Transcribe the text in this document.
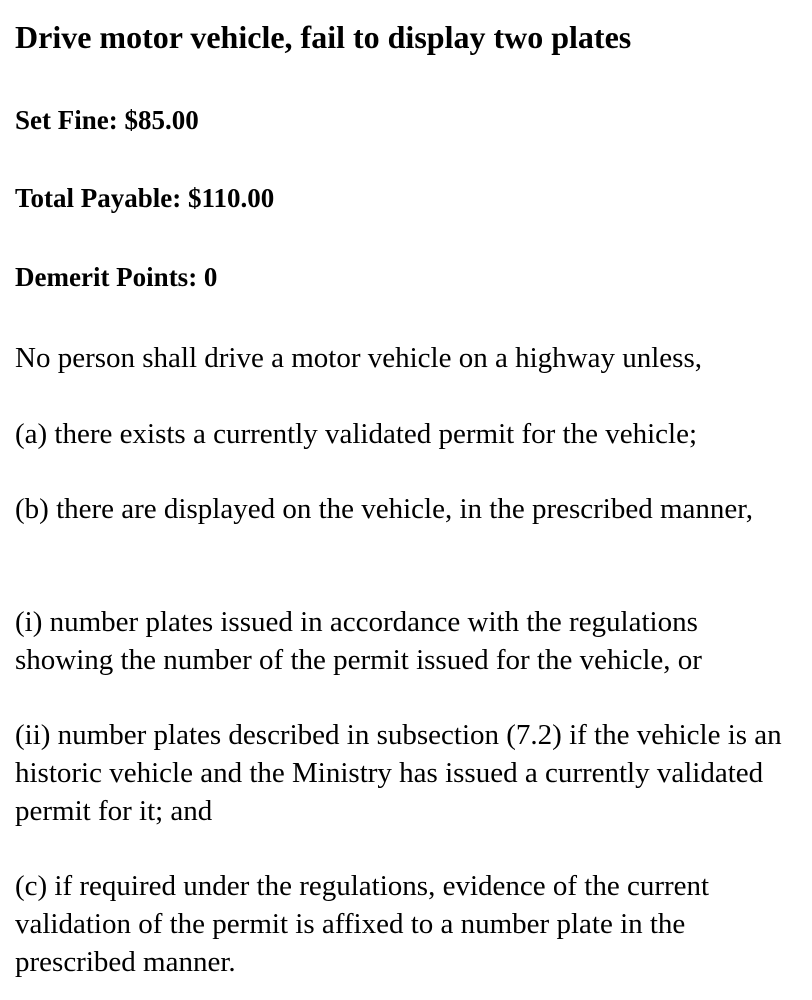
Drive motor vehicle, fail to display two plates

Set Fine: $85.00

Total Payable: $110.00

Demerit Points: 0

No person shall drive a motor vehicle on a highway unless,

(a) there exists a currently validated permit for the vehicle;

(b) there are displayed on the vehicle, in the prescribed manner,

(i) number plates issued in accordance with the regulations showing the number of the permit issued for the vehicle, or

(ii) number plates described in subsection (7.2) if the vehicle is an historic vehicle and the Ministry has issued a currently validated permit for it; and

(c) if required under the regulations, evidence of the current validation of the permit is affixed to a number plate in the prescribed manner.
